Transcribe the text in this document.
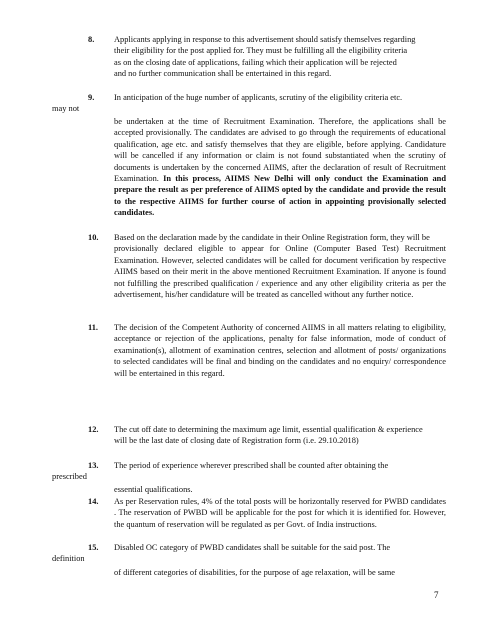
8.	Applicants applying in response to this advertisement should satisfy themselves regarding
their eligibility for the post applied for. They must be fulfilling all the eligibility criteria
as on the closing date of applications, failing which their application will be rejected
and no further communication shall be entertained in this regard.
9.	In anticipation of the huge number of applicants, scrutiny of the eligibility criteria etc.
may not
be undertaken at the time of Recruitment Examination. Therefore, the applications shall be accepted provisionally. The candidates are advised to go through the requirements of educational qualification, age etc. and satisfy themselves that they are eligible, before applying. Candidature will be cancelled if any information or claim is not found substantiated when the scrutiny of documents is undertaken by the concerned AIIMS, after the declaration of result of Recruitment Examination. In this process, AIIMS New Delhi will only conduct the Examination and prepare the result as per preference of AIIMS opted by the candidate and provide the result to the respective AIIMS for further course of action in appointing provisionally selected candidates.
10.	Based on the declaration made by the candidate in their Online Registration form, they will be
provisionally declared eligible to appear for Online (Computer Based Test) Recruitment Examination. However, selected candidates will be called for document verification by respective AIIMS based on their merit in the above mentioned Recruitment Examination. If anyone is found not fulfilling the prescribed qualification / experience and any other eligibility criteria as per the advertisement, his/her candidature will be treated as cancelled without any further notice.
11.	The decision of the Competent Authority of concerned AIIMS in all matters relating to eligibility, acceptance or rejection of the applications, penalty for false information, mode of conduct of examination(s), allotment of examination centres, selection and allotment of posts/ organizations to selected candidates will be final and binding on the candidates and no enquiry/ correspondence will be entertained in this regard.
12.	The cut off date to determining the maximum age limit, essential qualification & experience
will be the last date of closing date of Registration form (i.e. 29.10.2018)
13.	The period of experience wherever prescribed shall be counted after obtaining the
prescribed
essential qualifications.
14.	As per Reservation rules, 4% of the total posts will be horizontally reserved for PWBD candidates . The reservation of PWBD will be applicable for the post for which it is identified for. However, the quantum of reservation will be regulated as per Govt. of India instructions.
15.	Disabled OC category of PWBD candidates shall be suitable for the said post. The
definition
of different categories of disabilities, for the purpose of age relaxation, will be same
7
